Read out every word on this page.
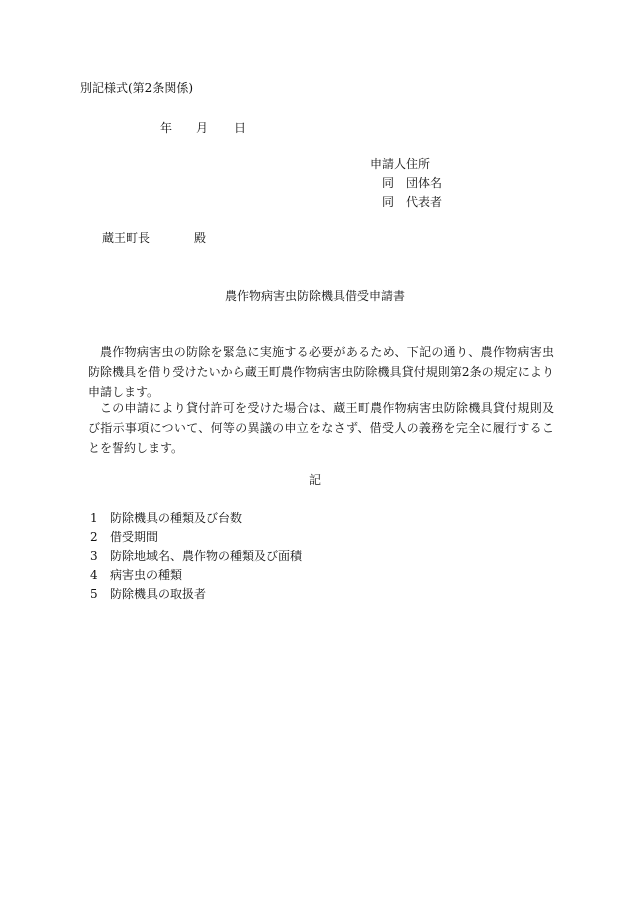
別記様式(第2条関係)
年 月 日
申請人住所
同 団体名
同 代表者
蔵王町長	殿
農作物病害虫防除機具借受申請書
農作物病害虫の防除を緊急に実施する必要があるため、下記の通り、農作物病害虫防除機具を借り受けたいから蔵王町農作物病害虫防除機具貸付規則第2条の規定により申請します。
この申請により貸付許可を受けた場合は、蔵王町農作物病害虫防除機具貸付規則及び指示事項について、何等の異議の申立をなさず、借受人の義務を完全に履行することを誓約します。
記
1 防除機具の種類及び台数
2 借受期間
3 防除地域名、農作物の種類及び面積
4 病害虫の種類
5 防除機具の取扱者
